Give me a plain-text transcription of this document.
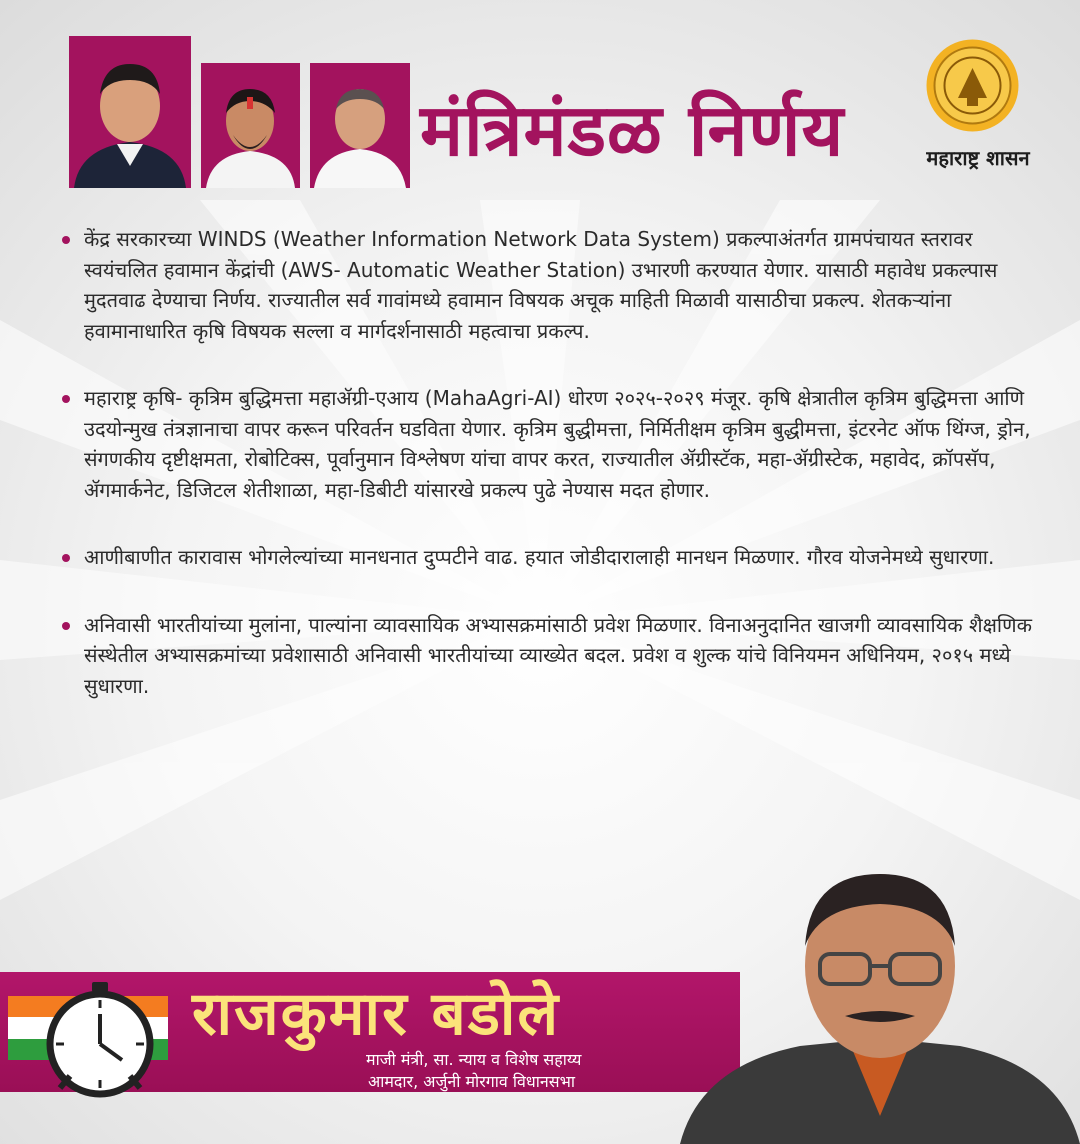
मंत्रिमंडळ निर्णय	महाराष्ट्र शासन
केंद्र सरकारच्या WINDS (Weather Information Network Data System) प्रकल्पाअंतर्गत ग्रामपंचायत स्तरावर स्वयंचलित हवामान केंद्रांची (AWS- Automatic Weather Station) उभारणी करण्यात येणार. यासाठी महावेध प्रकल्पास मुदतवाढ देण्याचा निर्णय. राज्यातील सर्व गावांमध्ये हवामान विषयक अचूक माहिती मिळावी यासाठीचा प्रकल्प. शेतकऱ्यांना हवामानाधारित कृषि विषयक सल्ला व मार्गदर्शनासाठी महत्वाचा प्रकल्प.
महाराष्ट्र कृषि- कृत्रिम बुद्धिमत्ता महाॲग्री-एआय (MahaAgri-AI) धोरण २०२५-२०२९ मंजूर. कृषि क्षेत्रातील कृत्रिम बुद्धिमत्ता आणि उदयोन्मुख तंत्रज्ञानाचा वापर करून परिवर्तन घडविता येणार. कृत्रिम बुद्धीमत्ता, निर्मितीक्षम कृत्रिम बुद्धीमत्ता, इंटरनेट ऑफ थिंग्ज, ड्रोन, संगणकीय दृष्टीक्षमता, रोबोटिक्स, पूर्वानुमान विश्लेषण यांचा वापर करत, राज्यातील ॲग्रीस्टॅक, महा-ॲग्रीस्टेक, महावेद, क्रॉपसॅप, ॲगमार्कनेट, डिजिटल शेतीशाळा, महा-डिबीटी यांसारखे प्रकल्प पुढे नेण्यास मदत होणार.
आणीबाणीत कारावास भोगलेल्यांच्या मानधनात दुप्पटीने वाढ. हयात जोडीदारालाही मानधन मिळणार. गौरव योजनेमध्ये सुधारणा.
अनिवासी भारतीयांच्या मुलांना, पाल्यांना व्यावसायिक अभ्यासक्रमांसाठी प्रवेश मिळणार. विनाअनुदानित खाजगी व्यावसायिक शैक्षणिक संस्थेतील अभ्यासक्रमांच्या प्रवेशासाठी अनिवासी भारतीयांच्या व्याख्येत बदल. प्रवेश व शुल्क यांचे विनियमन अधिनियम, २०१५ मध्ये सुधारणा.
राजकुमार बडोले
माजी मंत्री, सा. न्याय व विशेष सहाय्य
आमदार, अर्जुनी मोरगाव विधानसभा
